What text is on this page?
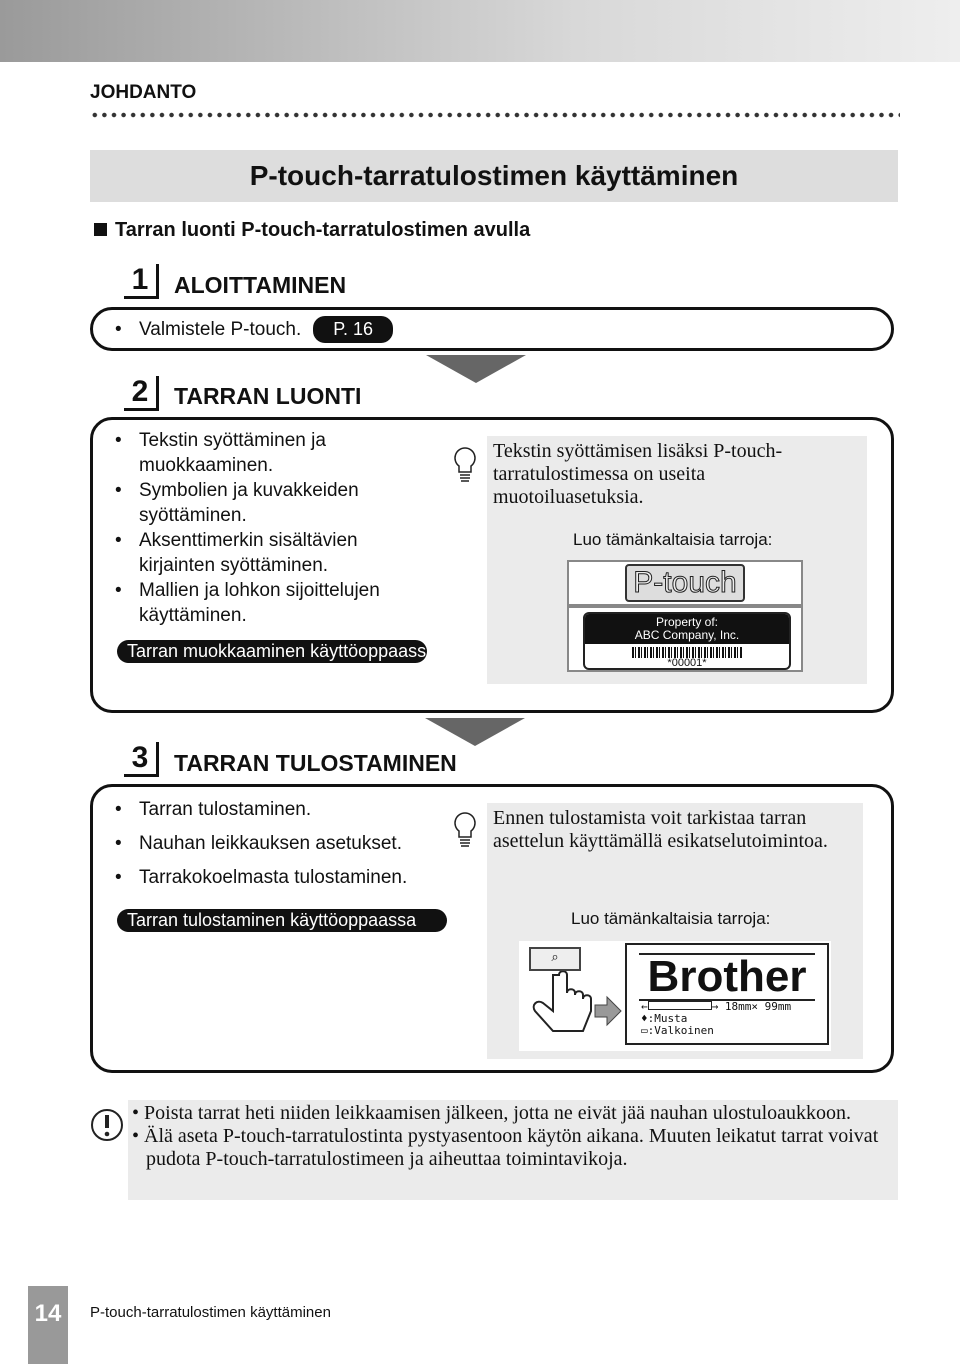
JOHDANTO
P-touch-tarratulostimen käyttäminen
Tarran luonti P-touch-tarratulostimen avulla
1	ALOITTAMINEN
• Valmistele P-touch.	P. 16
2	TARRAN LUONTI
• Tekstin syöttäminen ja muokkaaminen.
• Symbolien ja kuvakkeiden syöttäminen.
• Aksenttimerkin sisältävien kirjainten syöttäminen.
• Mallien ja lohkon sijoittelujen käyttäminen.
Tarran muokkaaminen käyttöoppaassa
Tekstin syöttämisen lisäksi P-touch-tarratulostimessa on useita muotoiluasetuksia.
Luo tämänkaltaisia tarroja:
P-touch
Property of:
ABC Company, Inc.
*00001*
3	TARRAN TULOSTAMINEN
• Tarran tulostaminen.
• Nauhan leikkauksen asetukset.
• Tarrakokoelmasta tulostaminen.
Tarran tulostaminen käyttöoppaassa
Ennen tulostamista voit tarkistaa tarran asettelun käyttämällä esikatselutoimintoa.
Luo tämänkaltaisia tarroja:
⌕	Brother
←	→ 18mm× 99mm
♦:Musta
▭:Valkoinen
• Poista tarrat heti niiden leikkaamisen jälkeen, jotta ne eivät jää nauhan ulostuloaukkoon.
• Älä aseta P-touch-tarratulostinta pystyasentoon käytön aikana. Muuten leikatut tarrat voivat pudota P-touch-tarratulostimeen ja aiheuttaa toimintavikoja.
14	P-touch-tarratulostimen käyttäminen
